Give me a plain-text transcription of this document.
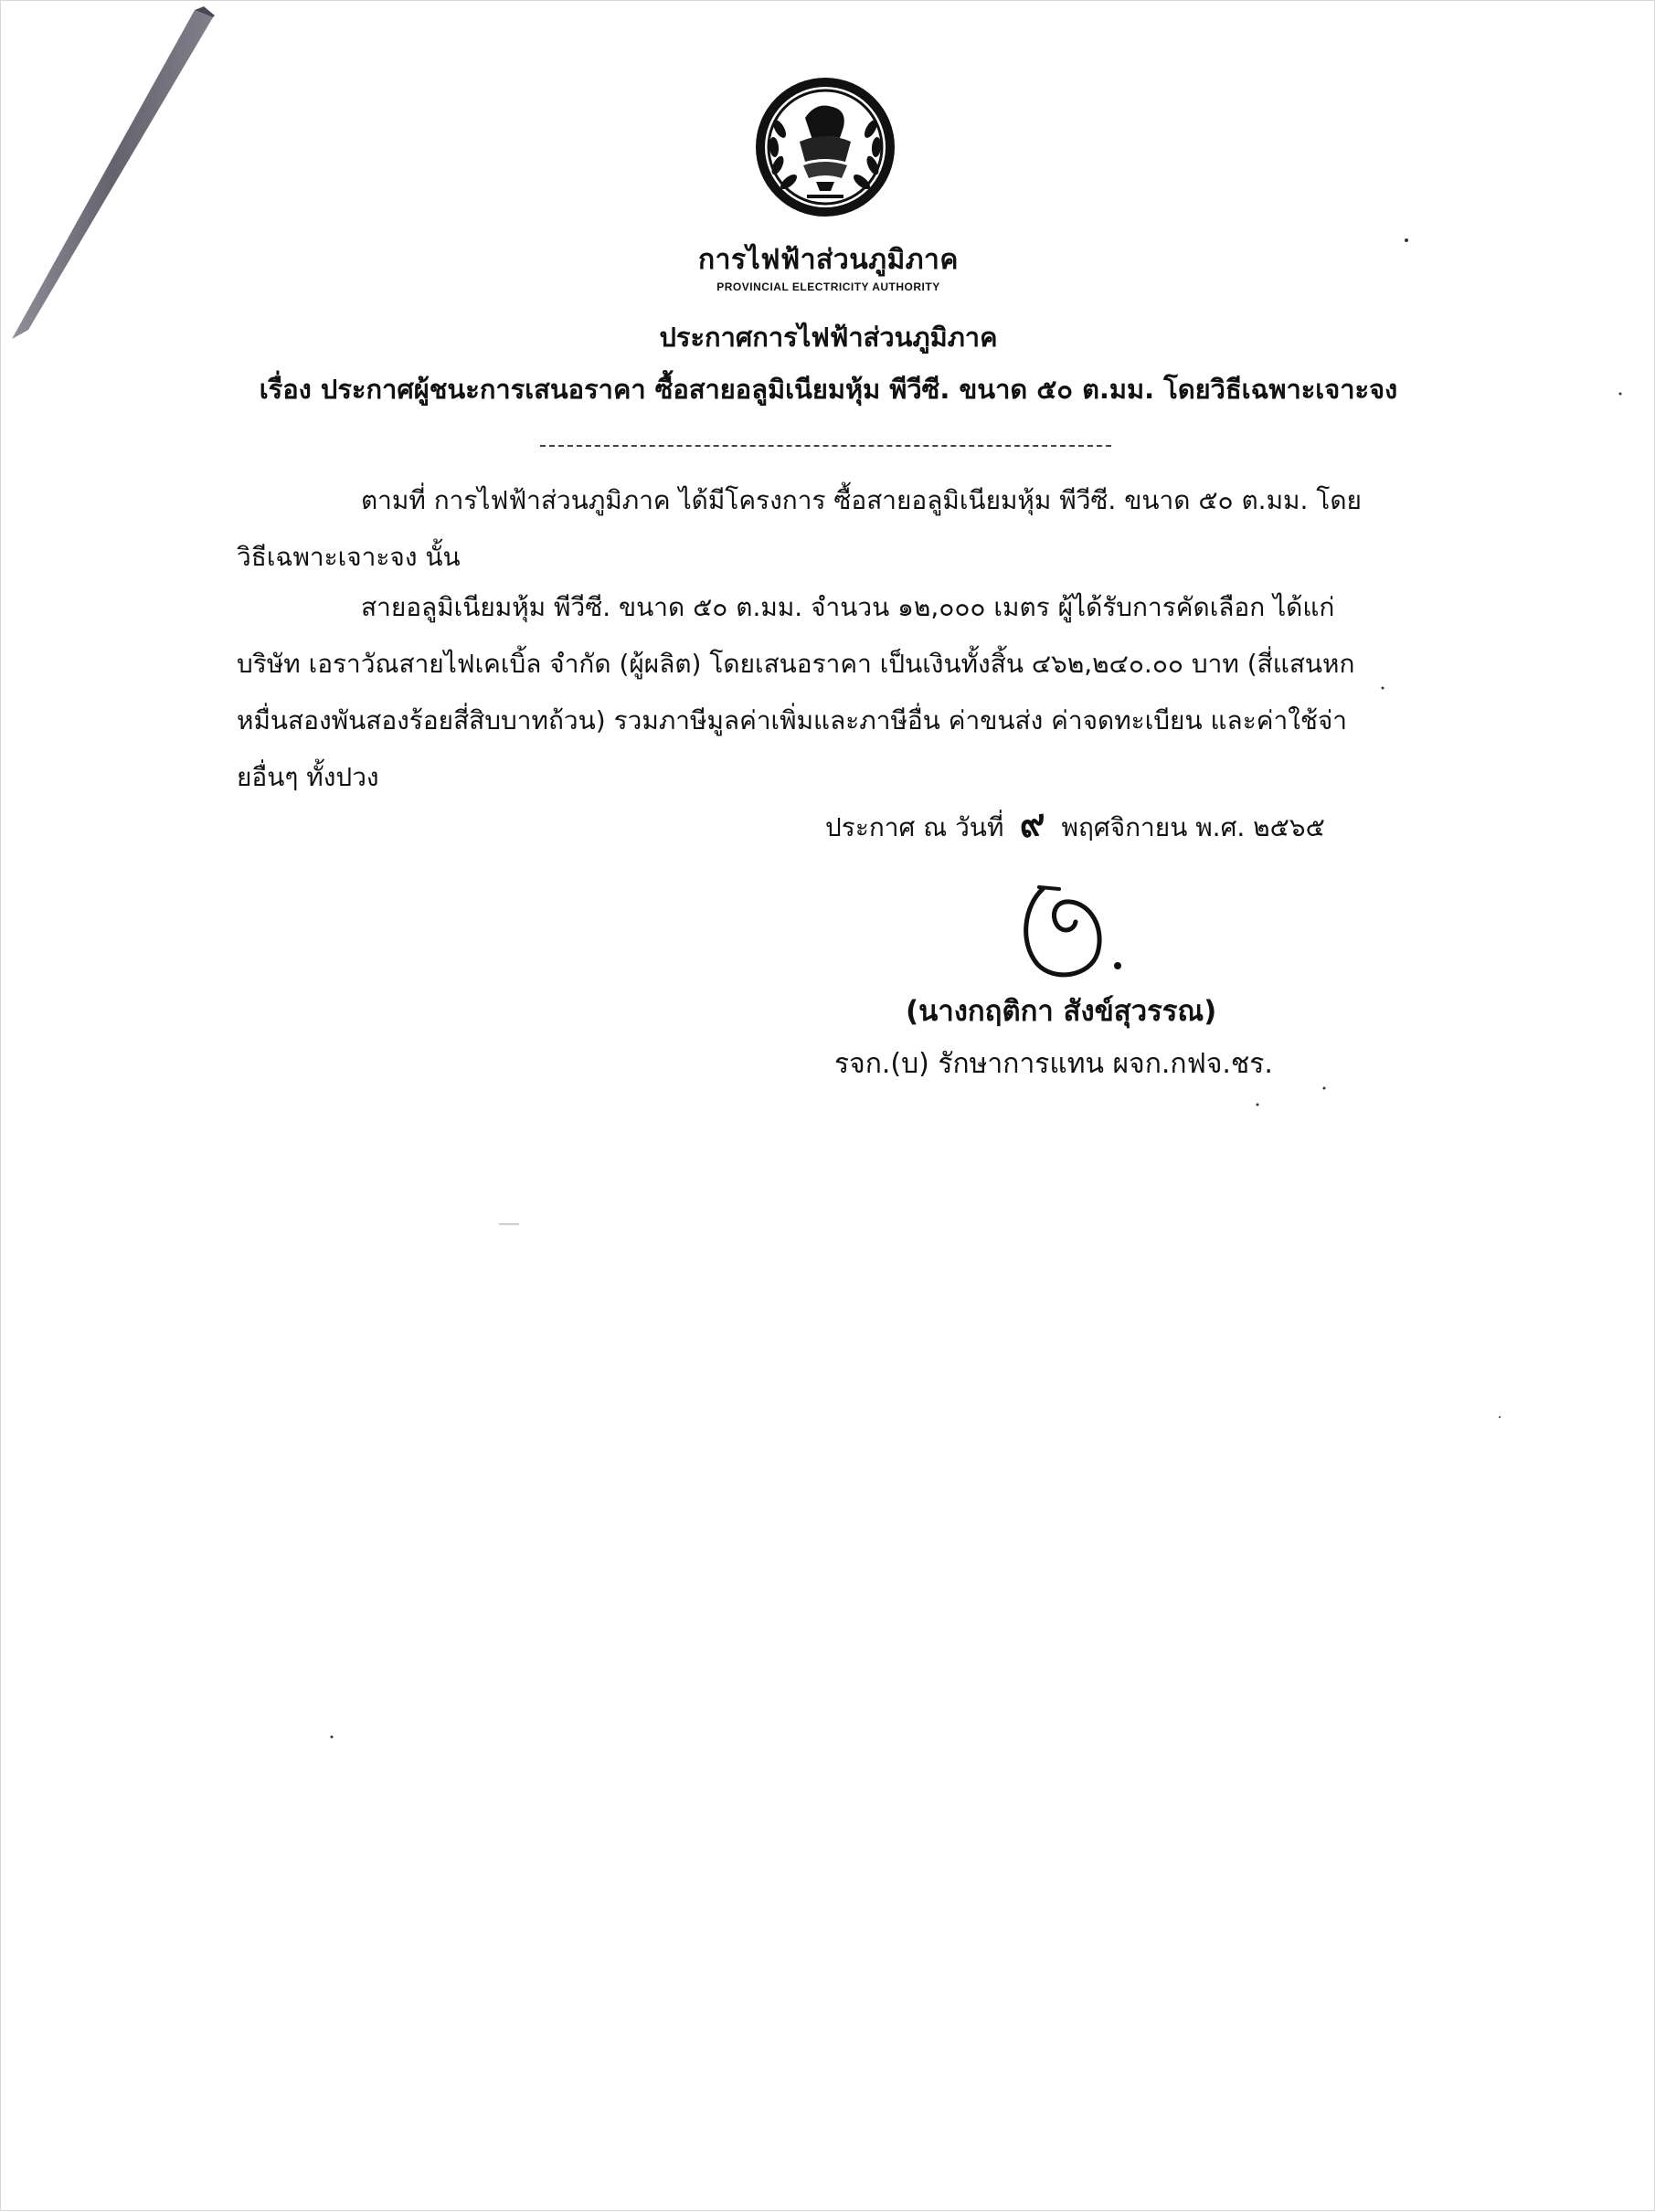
การไฟฟ้าส่วนภูมิภาค
PROVINCIAL ELECTRICITY AUTHORITY
ประกาศการไฟฟ้าส่วนภูมิภาค
เรื่อง ประกาศผู้ชนะการเสนอราคา ซื้อสายอลูมิเนียมหุ้ม พีวีซี. ขนาด ๕๐ ต.มม. โดยวิธีเฉพาะเจาะจง
ตามที่ การไฟฟ้าส่วนภูมิภาค ได้มีโครงการ ซื้อสายอลูมิเนียมหุ้ม พีวีซี. ขนาด ๕๐ ต.มม. โดยวิธีเฉพาะเจาะจง นั้น
สายอลูมิเนียมหุ้ม พีวีซี. ขนาด ๕๐ ต.มม. จำนวน ๑๒,๐๐๐ เมตร ผู้ได้รับการคัดเลือก ได้แก่ บริษัท เอราวัณสายไฟเคเบิ้ล จำกัด (ผู้ผลิต) โดยเสนอราคา เป็นเงินทั้งสิ้น ๔๖๒,๒๔๐.๐๐ บาท (สี่แสนหกหมื่นสองพันสองร้อยสี่สิบบาทถ้วน) รวมภาษีมูลค่าเพิ่มและภาษีอื่น ค่าขนส่ง ค่าจดทะเบียน และค่าใช้จ่ายอื่นๆ ทั้งปวง
ประกาศ ณ วันที่ ๙ พฤศจิกายน พ.ศ. ๒๕๖๕
(นางกฤติกา สังข์สุวรรณ)
รจก.(บ) รักษาการแทน ผจก.กฟจ.ชร.
